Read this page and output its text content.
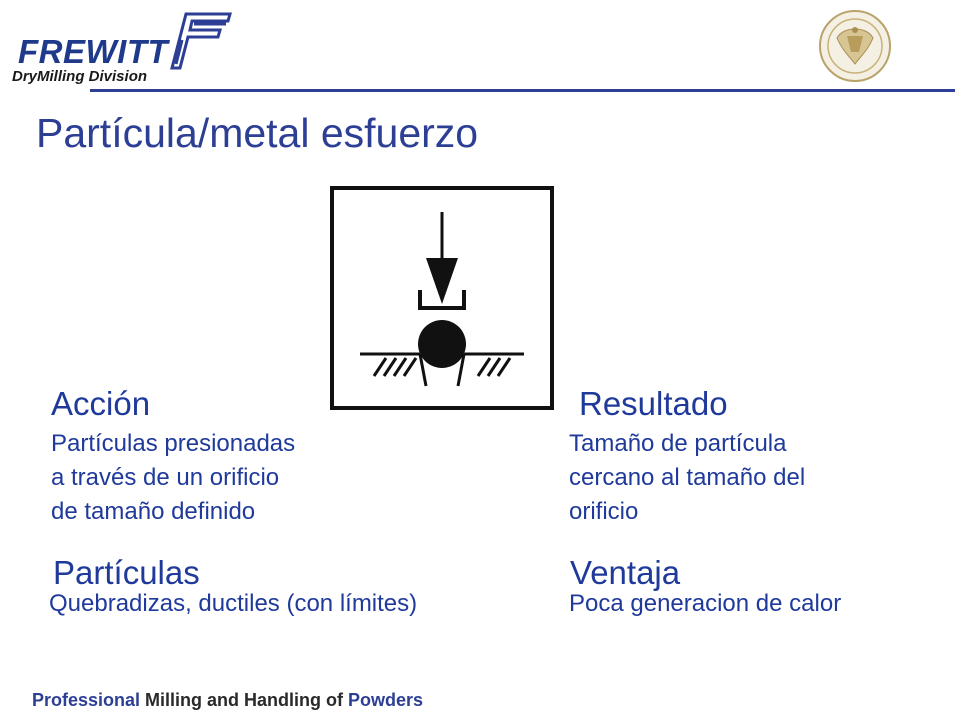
FREWITT
DryMilling Division
Partícula/metal esfuerzo
Acción
Partículas presionadas
a través de un orificio
de tamaño definido
Resultado
Tamaño de partícula
cercano al tamaño del
orificio
Partículas
Quebradizas, ductiles (con límites)
Ventaja
Poca generacion de calor
Professional Milling and Handling of Powders
